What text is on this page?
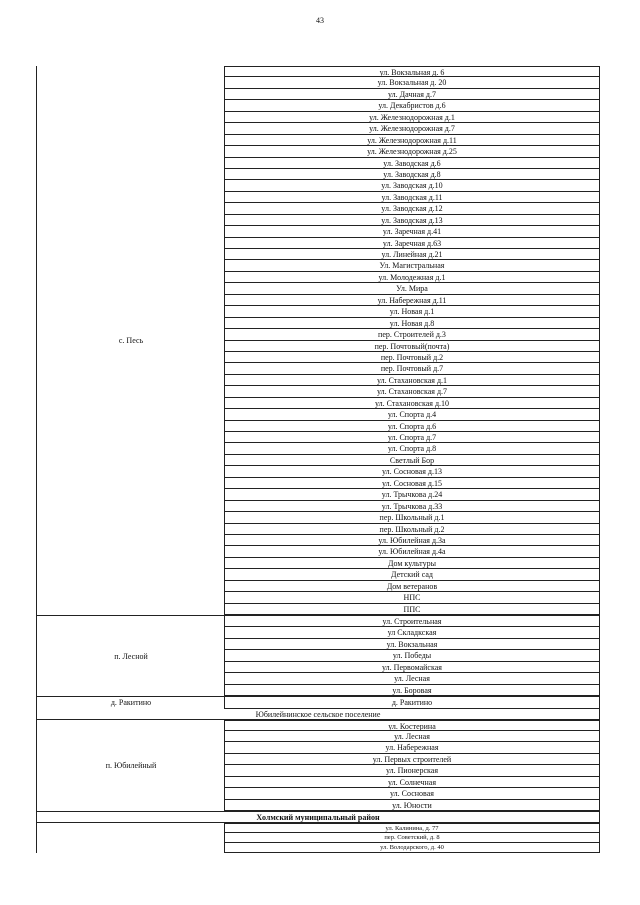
43
с. Песь
ул. Вокзальная д. 6
ул. Вокзальная д. 20
ул. Дачная д.7
ул. Декабристов д.6
ул. Железнодорожная д.1
ул. Железнодорожная д.7
ул. Железнодорожная д.11
ул. Железнодорожная д.25
ул. Заводская д.6
ул. Заводская д.8
ул. Заводская д.10
ул. Заводская д.11
ул. Заводская д.12
ул. Заводская д.13
ул. Заречная д.41
ул. Заречная д.63
ул. Линейная д.21
Ул. Магистральная
ул. Молодежная д.1
Ул. Мира
ул. Набережная д.11
ул. Новая д.1
ул. Новая д.8
пер. Строителей д.3
пер. Почтовый(почта)
пер. Почтовый д.2
пер. Почтовый д.7
ул. Стахановская д.1
ул. Стахановская д.7
ул. Стахановская д.10
ул. Спорта д.4
ул. Спорта д.6
ул. Спорта д.7
ул. Спорта д.8
Светлый Бор
ул. Сосновая д.13
ул. Сосновая д.15
ул. Трычкова д.24
ул. Трычкова д.33
пер. Школьный д.1
пер. Школьный д.2
ул. Юбилейная д.3а
ул. Юбилейная д.4а
Дом культуры
Детский сад
Дом ветеранов
НПС
ППС
п. Лесной
ул. Строительная
ул Складкская
ул. Вокзальная
ул. Победы
ул. Первомайская
ул. Лесная
ул. Боровая
д. Ракитино	д. Ракитино
Юбилейнинское сельское поселение
п. Юбилейный
ул. Костерина
ул. Лесная
ул. Набережная
ул. Первых строителей
ул. Пионерская
ул. Солнечная
ул. Сосновая
ул. Юности
Холмский муниципальный район
ул. Калинина, д. 77
пер. Советский, д. 8
ул. Володарского, д. 40
